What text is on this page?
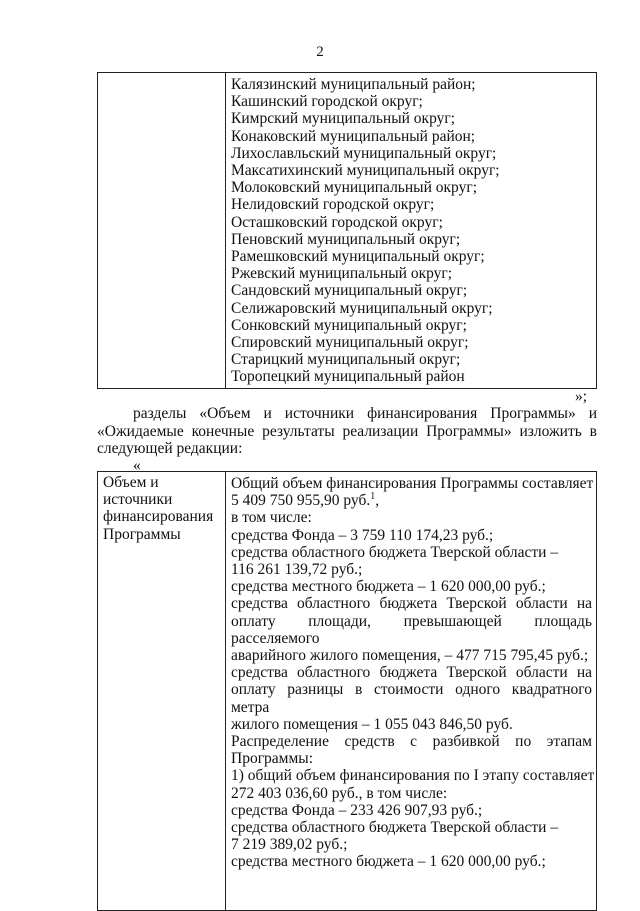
2

Калязинский муниципальный район;
Кашинский городской округ;
Кимрский муниципальный округ;
Конаковский муниципальный район;
Лихославльский муниципальный округ;
Максатихинский муниципальный округ;
Молоковский муниципальный округ;
Нелидовский городской округ;
Осташковский городской округ;
Пеновский муниципальный округ;
Рамешковский муниципальный округ;
Ржевский муниципальный округ;
Сандовский муниципальный округ;
Селижаровский муниципальный округ;
Сонковский муниципальный округ;
Спировский муниципальный округ;
Старицкий муниципальный округ;
Торопецкий муниципальный район
»;
разделы «Объем и источники финансирования Программы» и
«Ожидаемые конечные результаты реализации Программы» изложить в
следующей редакции:
«
Объем и
источники
финансирования
Программы

Общий объем финансирования Программы составляет
5 409 750 955,90 руб.$^1$,
в том числе:
средства Фонда – 3 759 110 174,23 руб.;
средства областного бюджета Тверской области –
116 261 139,72 руб.;
средства местного бюджета – 1 620 000,00 руб.;
средства областного бюджета Тверской области на
оплату площади, превышающей площадь расселяемого
аварийного жилого помещения, – 477 715 795,45 руб.;
средства областного бюджета Тверской области на
оплату разницы в стоимости одного квадратного метра
жилого помещения – 1 055 043 846,50 руб.
Распределение средств с разбивкой по этапам
Программы:
1) общий объем финансирования по I этапу составляет
272 403 036,60 руб., в том числе:
средства Фонда – 233 426 907,93 руб.;
средства областного бюджета Тверской области –
7 219 389,02 руб.;
средства местного бюджета – 1 620 000,00 руб.;
